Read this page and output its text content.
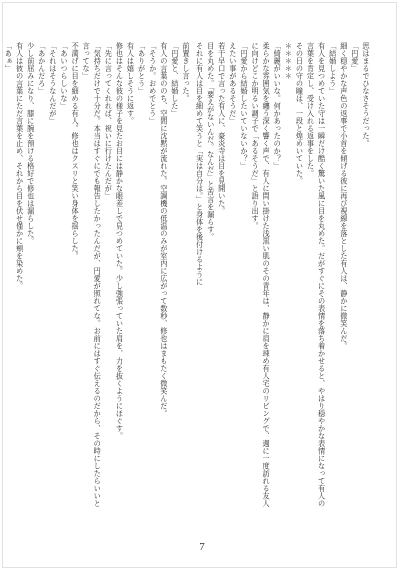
思はまるでひなさそうだった。

「円愛」

細く穏やかな声色の返事で小首を傾げる彼に再び視線を落とした有人は、静かに微笑んだ。

「結婚しよう」

有人を見つめていた守は一瞬だけ酷く驚いた風に目を丸めた。だがすぐにその表情を落ち着かせると、やはり穏やかな表情になって有人の言葉を肯定し、受け入れる返事をした。

その日の守の瞳は、一段と煌めいていた。

＊＊＊＊＊

「綺麗がいいな。何かあったのか？」

柔らかな雰囲気を纏う深く響く声で、有人に問い掛けた浅黒い肌のその青年は、静かに肩を竦め有人宅のリビングで、週に一度訪れる友人に向けどこか明るい調子で「あるそうだ」と語り出す。

「円愛から結婚したいていないか？」

えたい事があるそうだ」

若干早口で言った有人に、豪炎寺は目を見開いた。

目を丸めた。「要えがないんだ。なんだ」と苦言を漏らす。

それに有人は目を細めて笑うと「実は自分は。」と身体を後付けるように

前置きし言った。

「円愛と、結婚した」

有人の言葉ののち、空間に沈黙が流れた。空調機の低温のみが室内に広がって数秒、修也はまもたく微笑んだ。

「そうか。おめでとう」

「ありがとう」

有人は嬉しそうに返す。

修也はそんな彼の様子を見たお目には静かな眼差しで見つめていた。少し強張っていた肩を、力を抜くようにほぐす。

「先に言ってくれれば、祝いに行けたんだが」

「気持ちだけで十分だ。本当はすぐにでも報告したかったんだが、円愛が照れてな。お前にはすぐ伝えるのだから、その時にしたらいいと言ってな」

不満げに目を細める有人。修也はクスリと笑い身体を揺らした。

「あいつらしいな」

「それはそうなんだが」

「あかんだろ」

少し前屈みになり、膝に腕を預ける格好で修也は漏らした。

有人は彼の言葉にただ言葉を止め、それから目を伏せ僅かに頬を染めた。

「あぁ」

7
